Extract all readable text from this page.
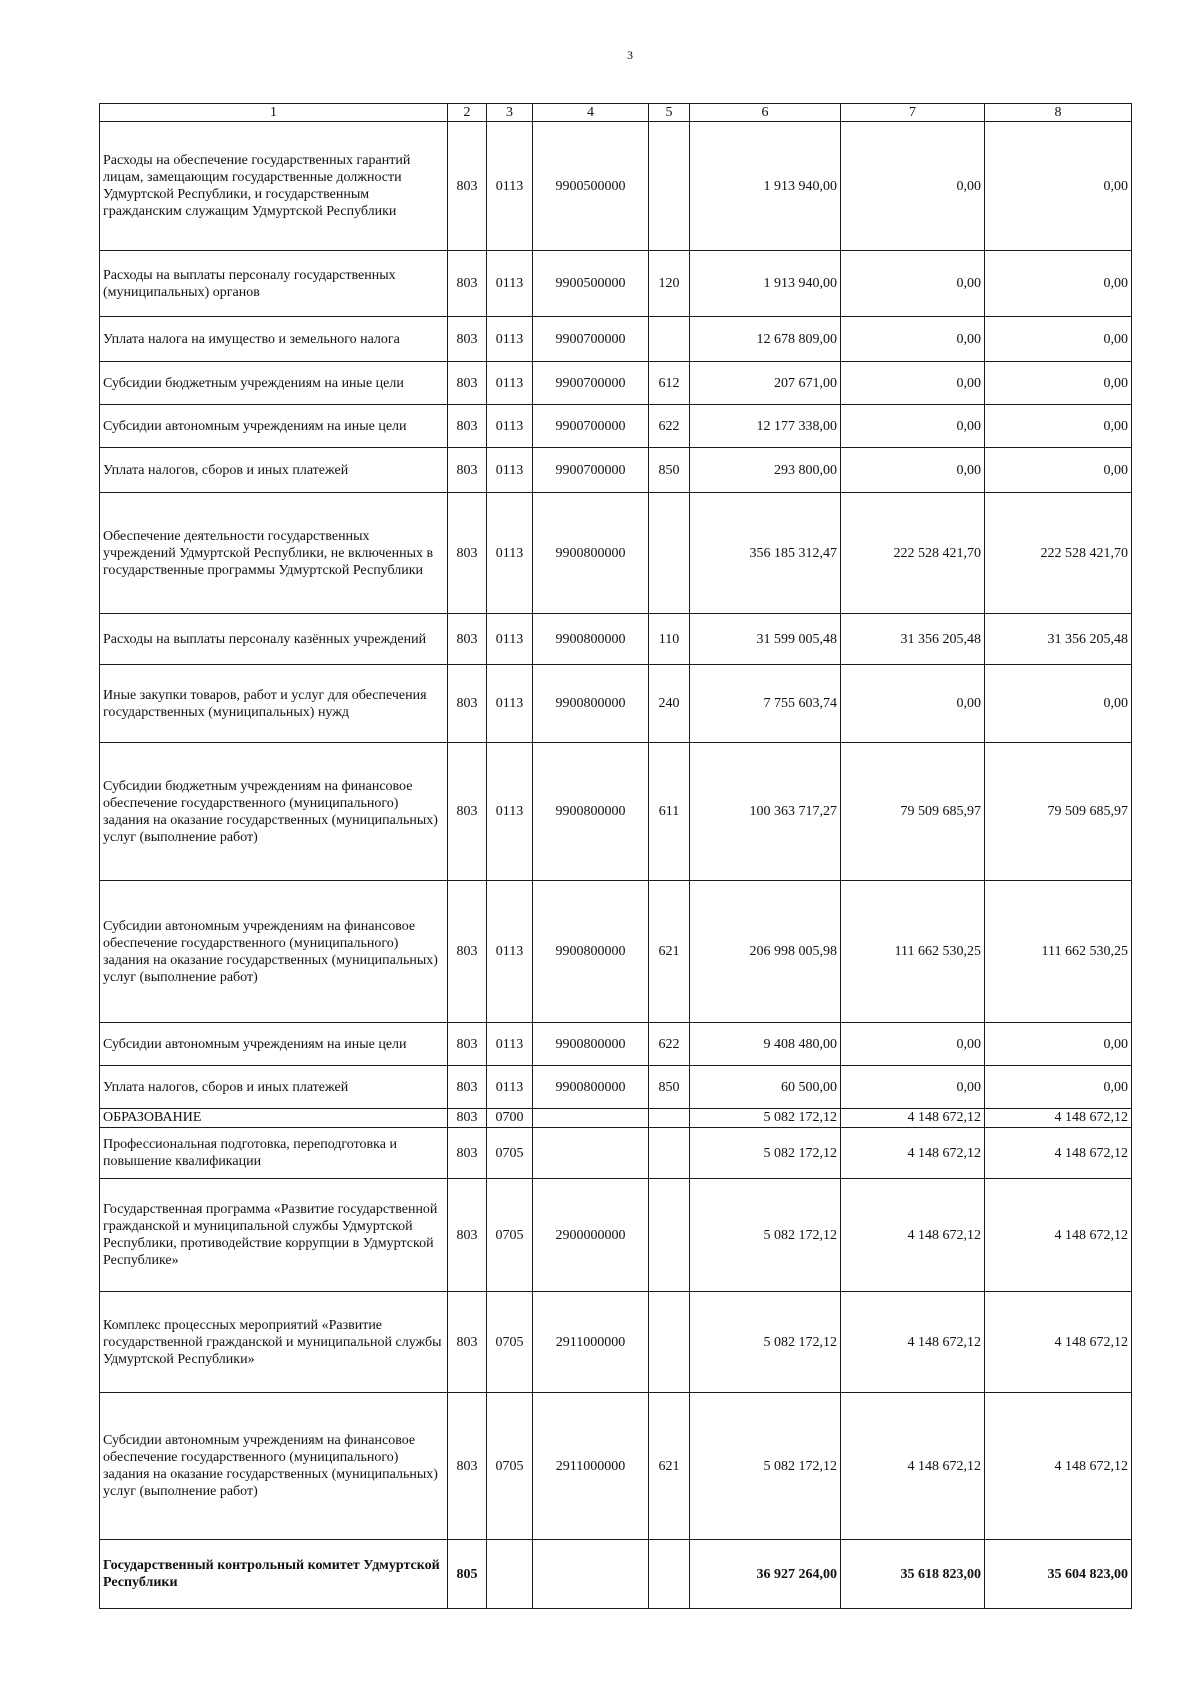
3
1	2	3	4	5	6	7	8
Расходы на обеспечение государственных гарантий лицам, замещающим государственные должности Удмуртской Республики, и государственным гражданским служащим Удмуртской Республики	803	0113	9900500000		1 913 940,00	0,00	0,00
Расходы на выплаты персоналу государственных (муниципальных) органов	803	0113	9900500000	120	1 913 940,00	0,00	0,00
Уплата налога на имущество и земельного налога	803	0113	9900700000		12 678 809,00	0,00	0,00
Субсидии бюджетным учреждениям на иные цели	803	0113	9900700000	612	207 671,00	0,00	0,00
Субсидии автономным учреждениям на иные цели	803	0113	9900700000	622	12 177 338,00	0,00	0,00
Уплата налогов, сборов и иных платежей	803	0113	9900700000	850	293 800,00	0,00	0,00
Обеспечение деятельности государственных учреждений Удмуртской Республики, не включенных в государственные программы Удмуртской Республики	803	0113	9900800000		356 185 312,47	222 528 421,70	222 528 421,70
Расходы на выплаты персоналу казённых учреждений	803	0113	9900800000	110	31 599 005,48	31 356 205,48	31 356 205,48
Иные закупки товаров, работ и услуг для обеспечения государственных (муниципальных) нужд	803	0113	9900800000	240	7 755 603,74	0,00	0,00
Субсидии бюджетным учреждениям на финансовое обеспечение государственного (муниципального) задания на оказание государственных (муниципальных) услуг (выполнение работ)	803	0113	9900800000	611	100 363 717,27	79 509 685,97	79 509 685,97
Субсидии автономным учреждениям на финансовое обеспечение государственного (муниципального) задания на оказание государственных (муниципальных) услуг (выполнение работ)	803	0113	9900800000	621	206 998 005,98	111 662 530,25	111 662 530,25
Субсидии автономным учреждениям на иные цели	803	0113	9900800000	622	9 408 480,00	0,00	0,00
Уплата налогов, сборов и иных платежей	803	0113	9900800000	850	60 500,00	0,00	0,00
ОБРАЗОВАНИЕ	803	0700			5 082 172,12	4 148 672,12	4 148 672,12
Профессиональная подготовка, переподготовка и повышение квалификации	803	0705			5 082 172,12	4 148 672,12	4 148 672,12
Государственная программа «Развитие государственной гражданской и муниципальной службы Удмуртской Республики, противодействие коррупции в Удмуртской Республике»	803	0705	2900000000		5 082 172,12	4 148 672,12	4 148 672,12
Комплекс процессных мероприятий «Развитие государственной гражданской и муниципальной службы Удмуртской Республики»	803	0705	2911000000		5 082 172,12	4 148 672,12	4 148 672,12
Субсидии автономным учреждениям на финансовое обеспечение государственного (муниципального) задания на оказание государственных (муниципальных) услуг (выполнение работ)	803	0705	2911000000	621	5 082 172,12	4 148 672,12	4 148 672,12
Государственный контрольный комитет Удмуртской Республики	805				36 927 264,00	35 618 823,00	35 604 823,00
